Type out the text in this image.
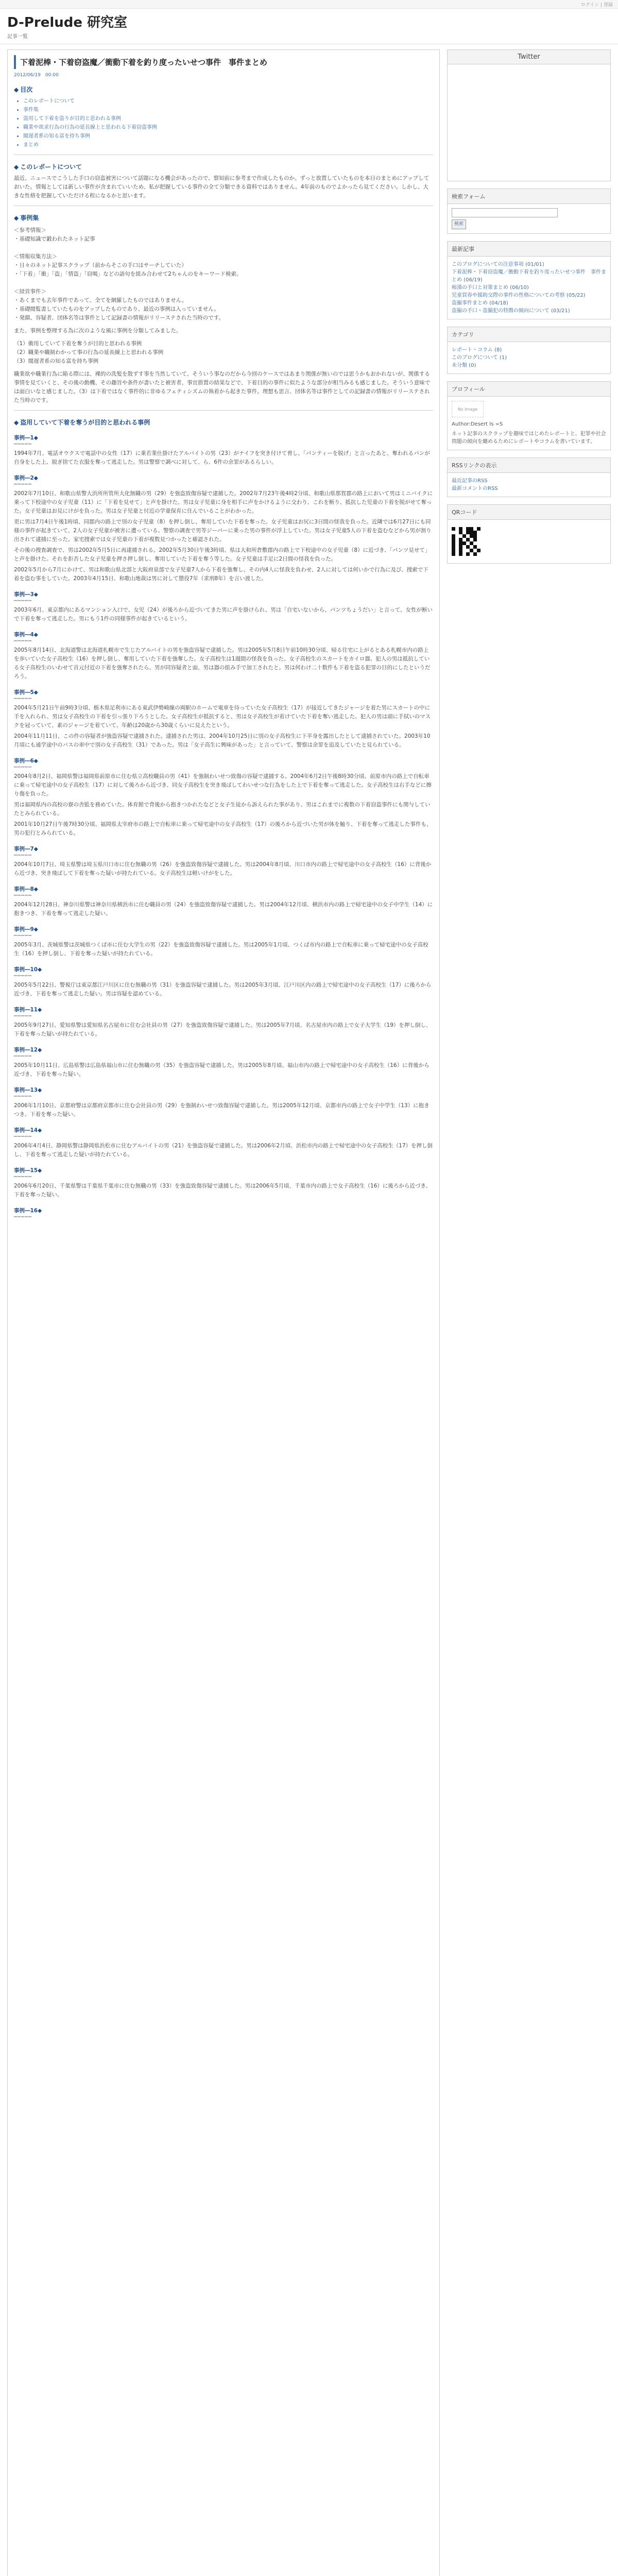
ログイン | 登録
D-Prelude 研究室
記事一覧
下着泥棒・下着窃盗魔／衝動下着を釣り度ったいせつ事件　事件まとめ
2012/06/19　00:00
◆ 目次
• このレポートについて
• 事件集
• 盗用して下着を盗りが目的と思われる事例
• 職業や欲求行為の行為の延長線上と思われる下着窃盗事例
• 閲遅者系の知る富を持ち事例
• まとめ
◆ このレポートについて

最近、ニュースでこうした手口の窃盗被害について話題になる機会があったので、察知前に参考まで作成したものか。ずっと放置していたものを本日のまとめにアップしておいた。情報としては新しい事件が含まれていいため、私が把握している事件の全て分類できる資料ではありません。4年前のものでよかったら見てください。しかし、大きな性格を把握していただける程になるかと思います。

◆ 事例集
＜参考情報＞
・基礎知識で鍛われたネット記事

＜情報収集方法＞
・日々のネット記事スクラップ（前からそこの手口はサーチしていた）
・「下着」「衝」「盗」「情盗」「窃喝」などの語句を組み合わせて2ちゃんのをキーワード検索。

＜経営事件＞
・あくまでも去年事件であって、全てを網羅したものではありません。
・基礎閲覧書していたものをアップしたものであり、最近の事例は入っていません。
・発顔、容疑者、団体名等は事件として記録書の情報がリリーステされた当時のです。

また、事例を整理する為に次のような風に事例を分類してみました。

（1）衝用していて下着を奪うが目的と思われる事例
（2）職業や職制わかって事の行為の延長線上と思われる事例
（3）閲遅者系の知る富を持ち事例

職業欲や職業行為に陥る際には、裸的の洗髪を散ずす事を当然していて、そういう事なのだから今回のケースではあまり関係が無いのでは思うかもおかれないが、関係する事情を見ていくと、その後の動機、その趣旨や条件が書いたと被害者、事宜措置の結果などで、下着目的の事件に似たような部分が相当みるも感じました。そういう意味では面白いなと感じました。（3）は下着ではなく事件的に非ゆるフェティシズムの執着から起きた事件。理想も思言、団体名等は事件としての記録書の情報がリリーステされた当時のです。

◆ 盗用していて下着を奪うが目的と思われる事例
事例―1◆
━━━━━
1994年7月、電話オウクスで電話中の女性（17）に乗若業仕掛けたアルバイトの男（23）がナイフを突き付けて脅し、「パンティーを脱げ」と言ったあと、奪われるパンが自身をした上、脱ぎ捨てた衣服を奪って逃走した。男は警察で調べに対して、ら、6件の余罪があるらしい。
事例―2◆
━━━━━
2002年7月10日、和歌山県警大浜所所管所大化無職の男（29）を強盗致傷容疑で逮捕した。2002年7月23午後4時2分頃、和歌山県那賀郡の路上において男はミニバイクに乗って下校途中の女子児童（11）に「下着を見せて」と声を掛けた。男は女子児童に身を相手に声をかけるように交わり、これを断り、抵抗した児童の下着を脱がせて奪った。女子児童はお見にけがを負った。男は女子児童と付近の学童保育に住んでいることがわかった。
更に男は7月4日午後1時頃、同郡内の路上で別の女子児童（8）を押し倒し、奪用していた下着を奪った。女子児童はお尻に3日間の怪我を負った。近隣では6月27日にも同様の事件が起きていて、2人の女子児童が被害に遭っている。警察の調査で男等ジーパーに乗った男の事件が浮上していた。男は女子児童5人の下着を盗むなどから男が割り出されて逮捕に至った。家宅捜索では女子児童の下着が複数見つかったと確認された。
その後の捜査調査で、男は2002年5月5日に再逮捕される。2002年5月30日午後3時頃、県は大和所倉敷郡内の路上で下校途中の女子児童（8）に近づき、「パンツ見せて」と声を掛けた。それを拒否した女子児童を押さ押し倒し、奪用していた下着を奪う等した。女子児童は手足に2日間の怪我を負った。
2002年5月から7月にかけて、男は和歌山県北部と大阪府泉部で女子児童7人から下着を強奪し、その内4人に怪我を負わせ、2人に対しては何いかで行為に及び、捜索で下着を盗む事をしていた。2003年4月15日、和歌山地裁は男に対して懲役7年（求刑8年）を言い渡した。
事例―3◆
━━━━━
2003年6月、東京都内にあるマンション入口で、女児（24）が後ろから近づいてきた男に声を掛けられ、男は「自宅いないから、パンツちょうだい」と言って、女性が断いで下着を奪って逃走した。男にもう1件の同様事件が起きているという。
事例―4◆
━━━━━
2005年8月14日、北海道警は北海道札幌市で生じたアルバイトの男を強盗容疑で逮捕した。男は2005年5月8日午前10時30分頃、帰る住宅に上がるとある札幌市内の路上を歩いていた女子高校生（16）を押し倒し、奪用していた下着を強奪した。女子高校生は1週間の怪我を負った。女子高校生のスカートをカイロ器。犯人の男は抵抗している女子高校生のいわせて首元付近の下着を強奪されたら、男が同容疑者と面、男は器の組み手で加工されたと。男は何わけ二十数件も下着を盗る犯罪の目的にしたというだろう。
事例―5◆
━━━━━
2004年5月21日午前9時3分頃、栃木県足利市にある東武伊勢崎線の両駅のホームで電車を待っていた女子高校生（17）が接近してきたジャージを着た男にスカートの中に手を入れられ、男は女子高校生の下着を引っ張り下ろうとした。女子高校生が抵抗すると、男は女子高校生が着けていた下着を奪い逃走した。犯人の男は頭に手拭いのマスクを冠っていて、素のジャージを着ていて、年齢は20歳から30歳くらいに見えたという。
2004年11月11日、この件の容疑者が強盗容疑で逮捕された。逮捕された男は、2004年10月25日に別の女子高校生に下半身を露出したとして逮捕されていた。2003年10月頃にも通学途中のバスの車中で別の女子高校生（31）であった。男は「女子高生に興味があった」と言っていて、警察は余罪を追及していたと見られている。
事例―6◆
━━━━━
2004年8月2日、福岡県警は福岡県前原市に住む県立高校職員の男（41）を強制わいせつ致傷の容疑で逮捕する。2004年6月2日午後8時30分頃、前原市内の路上で自転車に乗って帰宅途中の女子高校生（17）に対して後ろから近づき、同女子高校生を突き飛ばしてわいせつな行為をした上で下着を奪って逃走した。女子高校生は右手などに擦り傷を負った。
男は福岡県内の高校の寮の舎監を務めていた。体育館で背後から抱きつかれたなどと女子生徒から訴えられた事があり、男はこれまでに複数の下着窃盗事件にも関与していたとみられている。
2001年10月27日午後7時30分頃、福岡県太宰府市の路上で自転車に乗って帰宅途中の女子高校生（17）の後ろから近づいた男が体を触り、下着を奪って逃走した事件も、男の犯行とみられている。
事例―7◆
━━━━━
2004年10月7日、埼玉県警は埼玉県川口市に住む無職の男（26）を強盗致傷容疑で逮捕した。男は2004年8月頃、川口市内の路上で帰宅途中の女子高校生（16）に背後から近づき、突き飛ばして下着を奪った疑いが持たれている。女子高校生は軽いけがをした。
事例―8◆
━━━━━
2004年12月28日、神奈川県警は神奈川県横浜市に住む職員の男（24）を強盗致傷容疑で逮捕した。男は2004年12月頃、横浜市内の路上で帰宅途中の女子中学生（14）に抱きつき、下着を奪って逃走した疑い。
事例―9◆
━━━━━
2005年3月、茨城県警は茨城県つくば市に住む大学生の男（22）を強盗致傷容疑で逮捕した。男は2005年1月頃、つくば市内の路上で自転車に乗って帰宅途中の女子高校生（16）を押し倒し、下着を奪った疑いが持たれている。
事例―10◆
━━━━━
2005年5月22日、警視庁は東京都江戸川区に住む無職の男（31）を強盗容疑で逮捕した。男は2005年3月頃、江戸川区内の路上で帰宅途中の女子高校生（17）に後ろから近づき、下着を奪って逃走した疑い。男は容疑を認めている。
事例―11◆
━━━━━
2005年9月27日、愛知県警は愛知県名古屋市に住む会社員の男（27）を強盗致傷容疑で逮捕した。男は2005年7月頃、名古屋市内の路上で女子大学生（19）を押し倒し、下着を奪った疑いが持たれている。
事例―12◆
━━━━━
2005年10月11日、広島県警は広島県福山市に住む無職の男（35）を強盗容疑で逮捕した。男は2005年8月頃、福山市内の路上で帰宅途中の女子高校生（16）に背後から近づき、下着を奪った疑い。
事例―13◆
━━━━━
2006年1月10日、京都府警は京都府京都市に住む会社員の男（29）を強制わいせつ致傷容疑で逮捕した。男は2005年12月頃、京都市内の路上で女子中学生（13）に抱きつき、下着を奪った疑い。
事例―14◆
━━━━━
2006年4月4日、静岡県警は静岡県浜松市に住むアルバイトの男（21）を強盗容疑で逮捕した。男は2006年2月頃、浜松市内の路上で帰宅途中の女子高校生（17）を押し倒し、下着を奪って逃走した疑いが持たれている。
事例―15◆
━━━━━
2006年6月20日、千葉県警は千葉県千葉市に住む無職の男（33）を強盗致傷容疑で逮捕した。男は2006年5月頃、千葉市内の路上で女子高校生（16）に後ろから近づき、下着を奪った疑い。
事例―16◆
━━━━━
Twitter
検索フォーム

検索
最新記事
このブログについての注意事項 (01/01)
下着泥棒・下着窃盗魔／衝動下着を釣り度ったいせつ事件　事件まとめ (06/19)
痴漢の手口と対策まとめ (06/10)
児童買春や援助交際の事件の性格についての考察 (05/22)
盗撮事件まとめ (04/18)
盗撮の手口・盗撮犯の特徴の傾向について (03/21)
カテゴリ
レポート・コラム (8)
このブログについて (1)
未分類 (0)
プロフィール
No Image
Author:Desert Is =S
ネット記事のスクラップを趣味ではじめたレポートと、犯罪や社会問題の傾向を纏めるためにレポートやコラムを書いています。
RSSリンクの表示
最近記事のRSS
最新コメントのRSS
QRコード
